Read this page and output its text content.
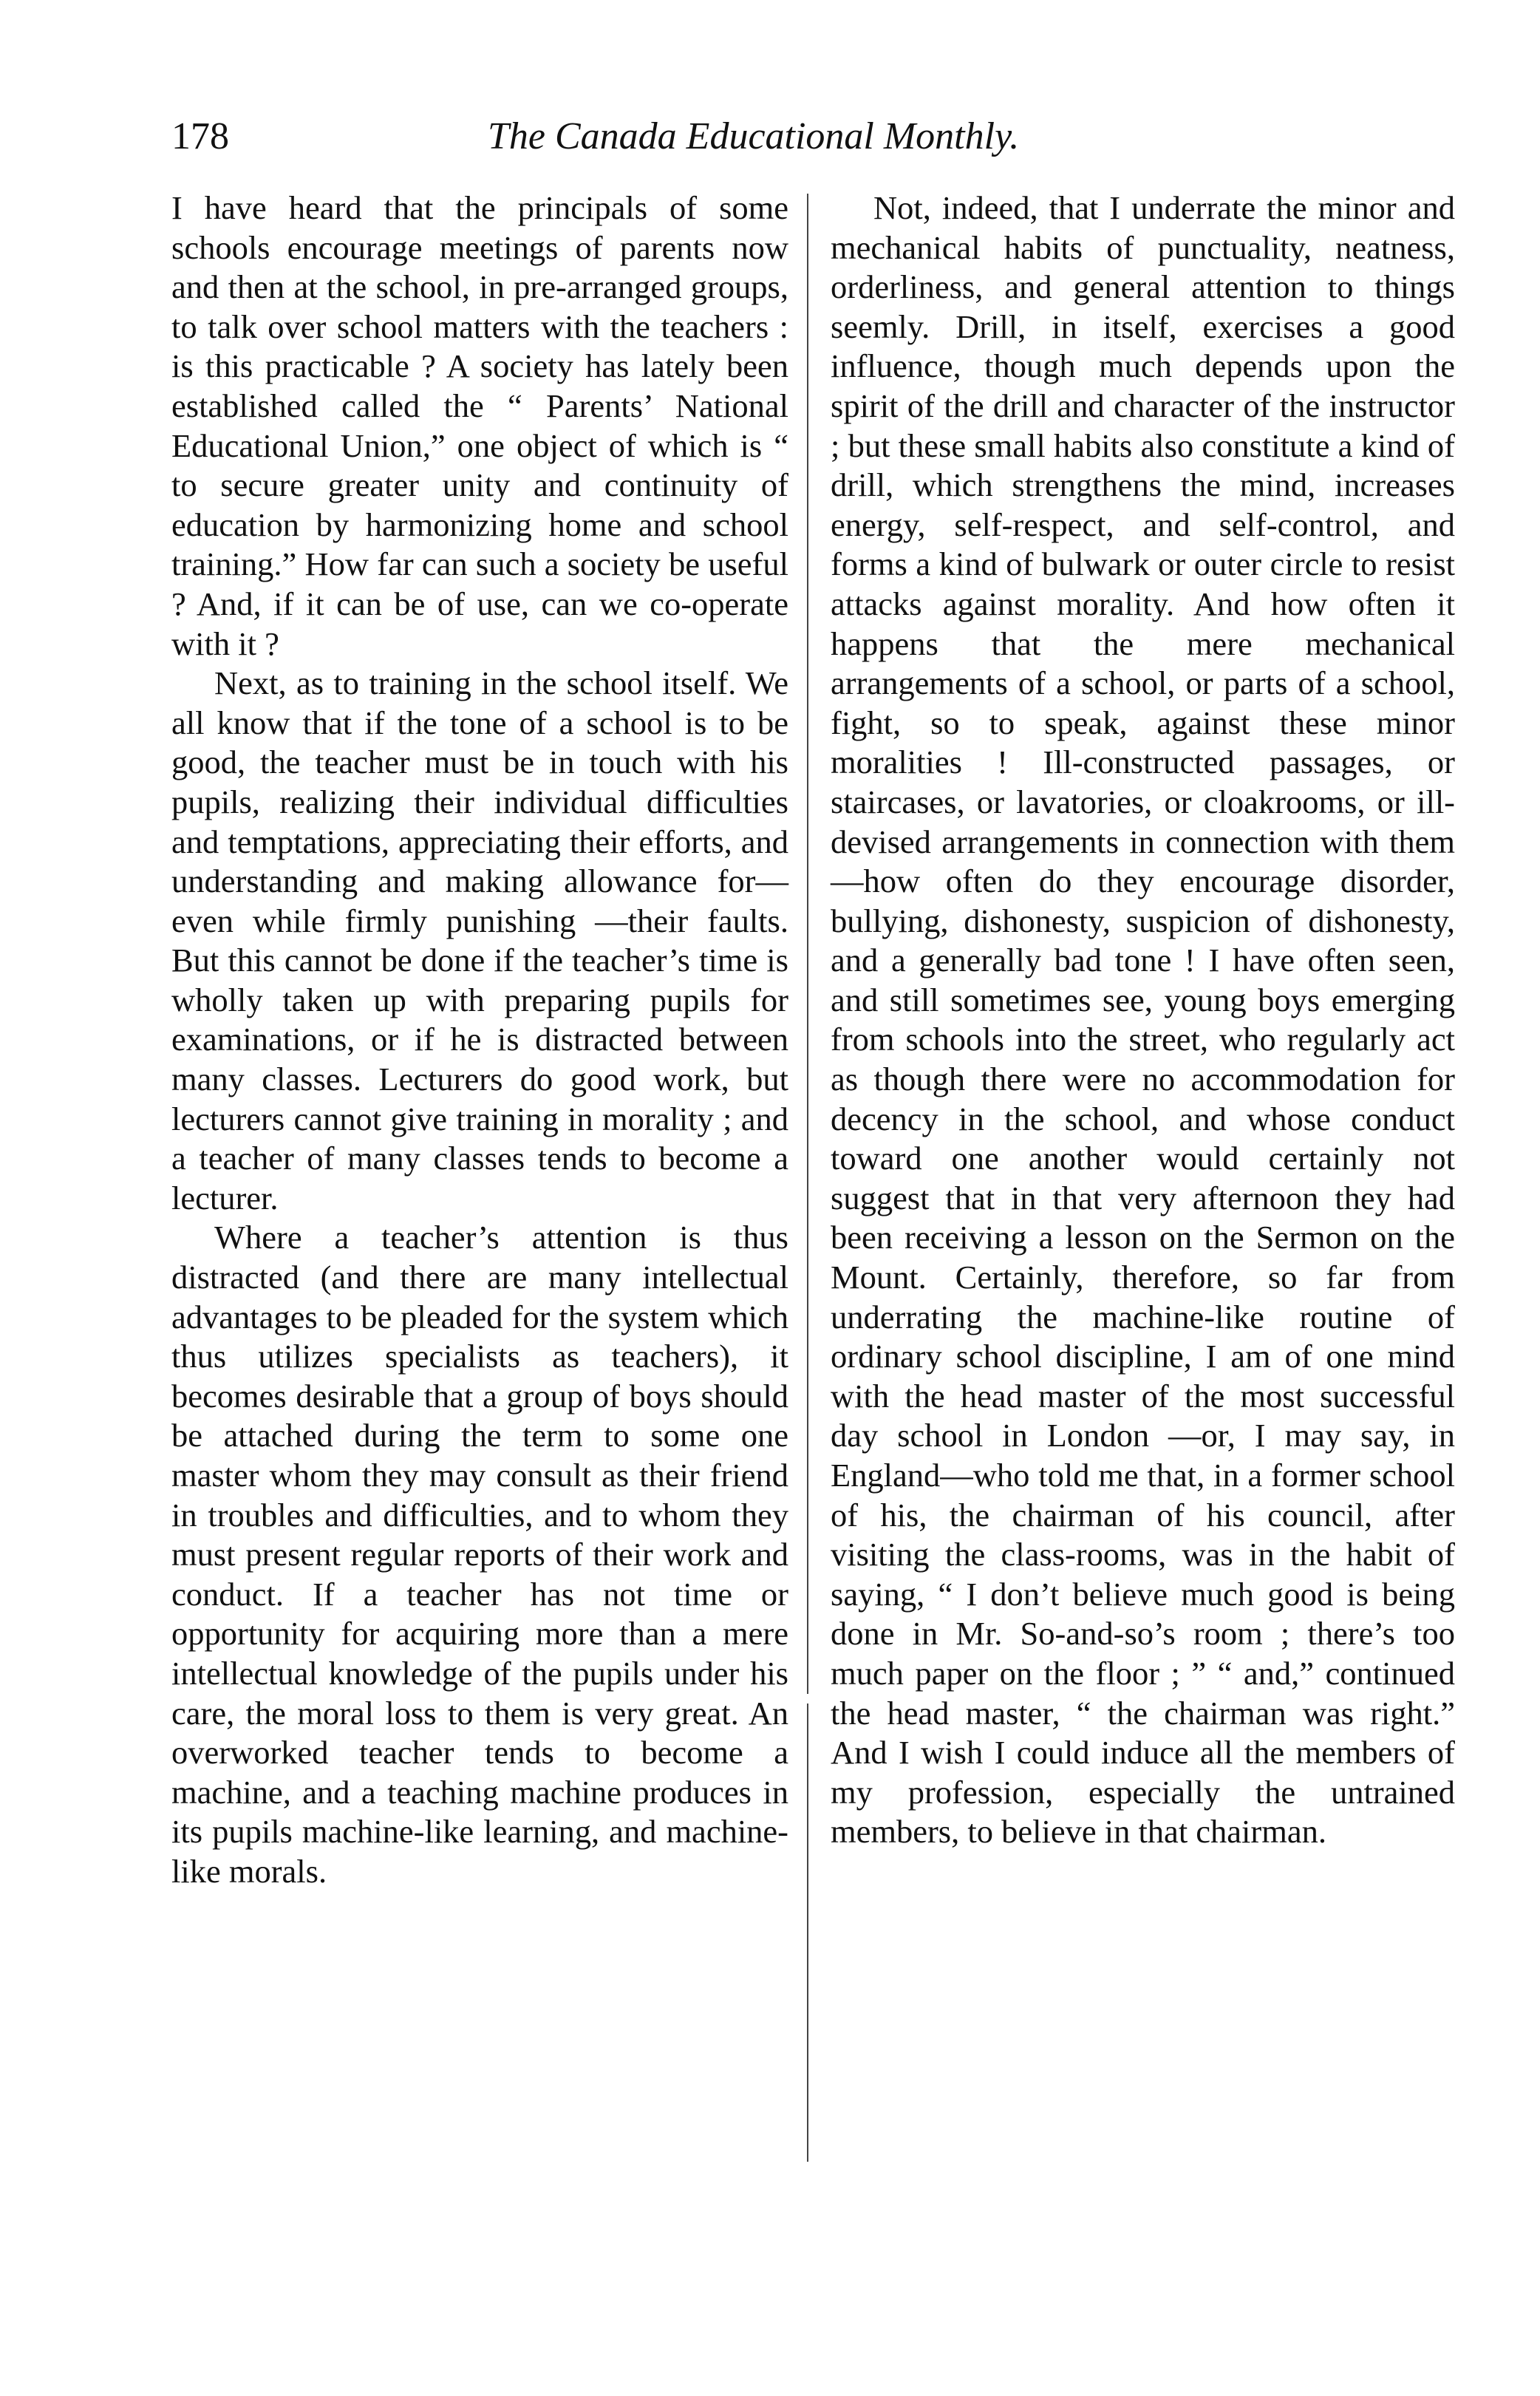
178	The Canada Educational Monthly.

I have heard that the principals of some schools encourage meetings of parents now and then at the school, in pre-arranged groups, to talk over school matters with the teachers : is this practicable ? A society has lately been established called the “ Parents’ National Educational Union,” one object of which is “ to secure greater unity and continuity of education by harmonizing home and school training.” How far can such a society be useful ? And, if it can be of use, can we co-operate with it ?

Next, as to training in the school itself. We all know that if the tone of a school is to be good, the teacher must be in touch with his pupils, realizing their individual difficulties and temptations, appreciating their efforts, and understanding and making allowance for—even while firmly punishing —their faults. But this cannot be done if the teacher’s time is wholly taken up with preparing pupils for examinations, or if he is distracted between many classes. Lecturers do good work, but lecturers cannot give training in morality ; and a teacher of many classes tends to become a lecturer.

Where a teacher’s attention is thus distracted (and there are many intellectual advantages to be pleaded for the system which thus utilizes specialists as teachers), it becomes desirable that a group of boys should be attached during the term to some one master whom they may consult as their friend in troubles and difficulties, and to whom they must present regular reports of their work and conduct. If a teacher has not time or opportunity for acquiring more than a mere intellectual knowledge of the pupils under his care, the moral loss to them is very great. An overworked teacher tends to become a machine, and a teaching machine produces in its pupils machine-like learning, and machine-like morals.

Not, indeed, that I underrate the minor and mechanical habits of punctuality, neatness, orderliness, and general attention to things seemly. Drill, in itself, exercises a good influence, though much depends upon the spirit of the drill and character of the instructor ; but these small habits also constitute a kind of drill, which strengthens the mind, increases energy, self-respect, and self-control, and forms a kind of bulwark or outer circle to resist attacks against morality. And how often it happens that the mere mechanical arrangements of a school, or parts of a school, fight, so to speak, against these minor moralities ! Ill-constructed passages, or staircases, or lavatories, or cloakrooms, or ill-devised arrangements in connection with them—how often do they encourage disorder, bullying, dishonesty, suspicion of dishonesty, and a generally bad tone ! I have often seen, and still sometimes see, young boys emerging from schools into the street, who regularly act as though there were no accommodation for decency in the school, and whose conduct toward one another would certainly not suggest that in that very afternoon they had been receiving a lesson on the Sermon on the Mount. Certainly, therefore, so far from underrating the machine-like routine of ordinary school discipline, I am of one mind with the head master of the most successful day school in London —or, I may say, in England—who told me that, in a former school of his, the chairman of his council, after visiting the class-rooms, was in the habit of saying, “ I don’t believe much good is being done in Mr. So-and-so’s room ; there’s too much paper on the floor ; ” “ and,” continued the head master, “ the chairman was right.” And I wish I could induce all the members of my profession, especially the untrained members, to believe in that chairman.
